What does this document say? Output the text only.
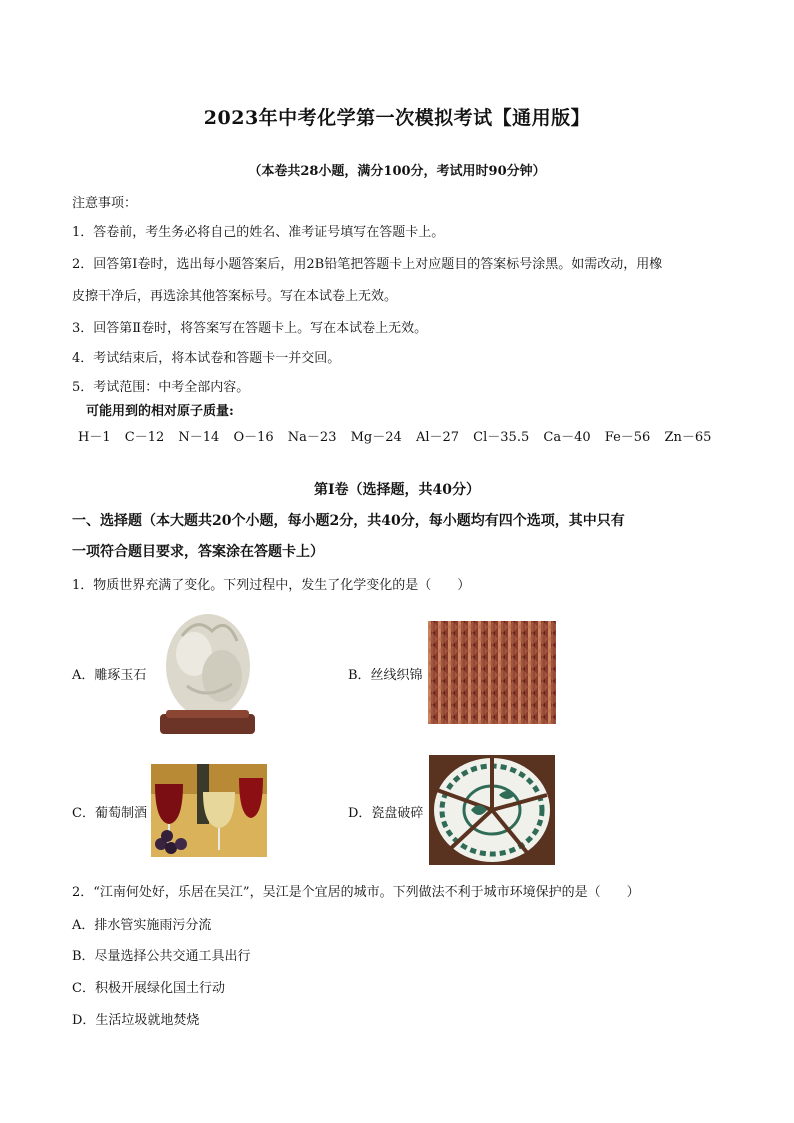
2023年中考化学第一次模拟考试【通用版】
（本卷共28小题，满分100分，考试用时90分钟）
注意事项：
1．答卷前，考生务必将自己的姓名、准考证号填写在答题卡上。
2．回答第Ⅰ卷时，选出每小题答案后，用2B铅笔把答题卡上对应题目的答案标号涂黑。如需改动，用橡
皮擦干净后，再选涂其他答案标号。写在本试卷上无效。
3．回答第Ⅱ卷时，将答案写在答题卡上。写在本试卷上无效。
4．考试结束后，将本试卷和答题卡一并交回。
5．考试范围：中考全部内容。
可能用到的相对原子质量:
H－1 C－12 N－14 O－16 Na－23 Mg－24 Al－27 Cl－35.5 Ca－40 Fe－56 Zn－65
第Ⅰ卷（选择题，共40分）
一、选择题（本大题共20个小题，每小题2分，共40分，每小题均有四个选项，其中只有
一项符合题目要求，答案涂在答题卡上）
1．物质世界充满了变化。下列过程中，发生了化学变化的是（　　）
A．雕琢玉石	B．丝线织锦
C．葡萄制酒	D．瓷盘破碎
2．“江南何处好，乐居在吴江”，吴江是个宜居的城市。下列做法不利于城市环境保护的是（　　）
A．排水管实施雨污分流
B．尽量选择公共交通工具出行
C．积极开展绿化国土行动
D．生活垃圾就地焚烧
